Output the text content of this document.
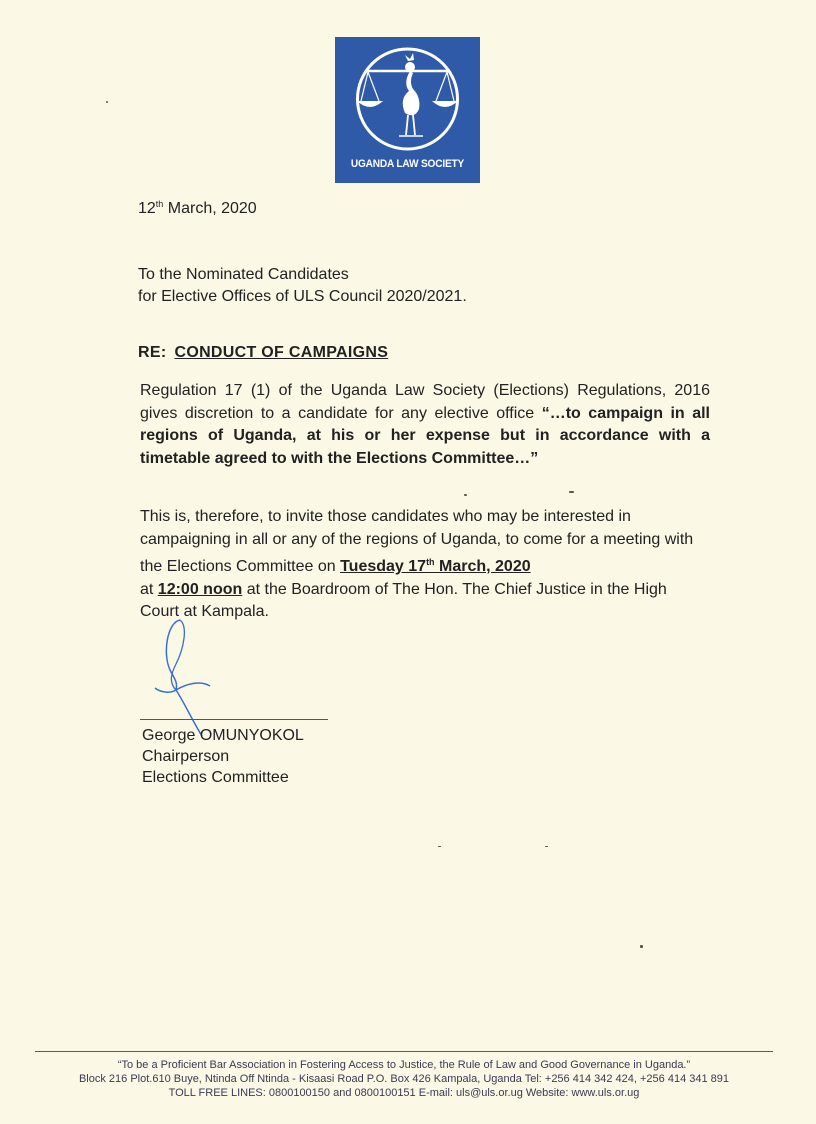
UGANDA LAW SOCIETY
12th March, 2020
To the Nominated Candidates
for Elective Offices of ULS Council 2020/2021.
RE: CONDUCT OF CAMPAIGNS
Regulation 17 (1) of the Uganda Law Society (Elections) Regulations, 2016 gives discretion to a candidate for any elective office “…to campaign in all regions of Uganda, at his or her expense but in accordance with a timetable agreed to with the Elections Committee…”
This is, therefore, to invite those candidates who may be interested in campaigning in all or any of the regions of Uganda, to come for a meeting with the Elections Committee on Tuesday 17th March, 2020
at 12:00 noon at the Boardroom of The Hon. The Chief Justice in the High Court at Kampala.
George OMUNYOKOL
Chairperson
Elections Committee
“To be a Proficient Bar Association in Fostering Access to Justice, the Rule of Law and Good Governance in Uganda.”
Block 216 Plot.610 Buye, Ntinda Off Ntinda - Kisaasi Road P.O. Box 426 Kampala, Uganda Tel: +256 414 342 424, +256 414 341 891
TOLL FREE LINES: 0800100150 and 0800100151 E-mail: uls@uls.or.ug Website: www.uls.or.ug
